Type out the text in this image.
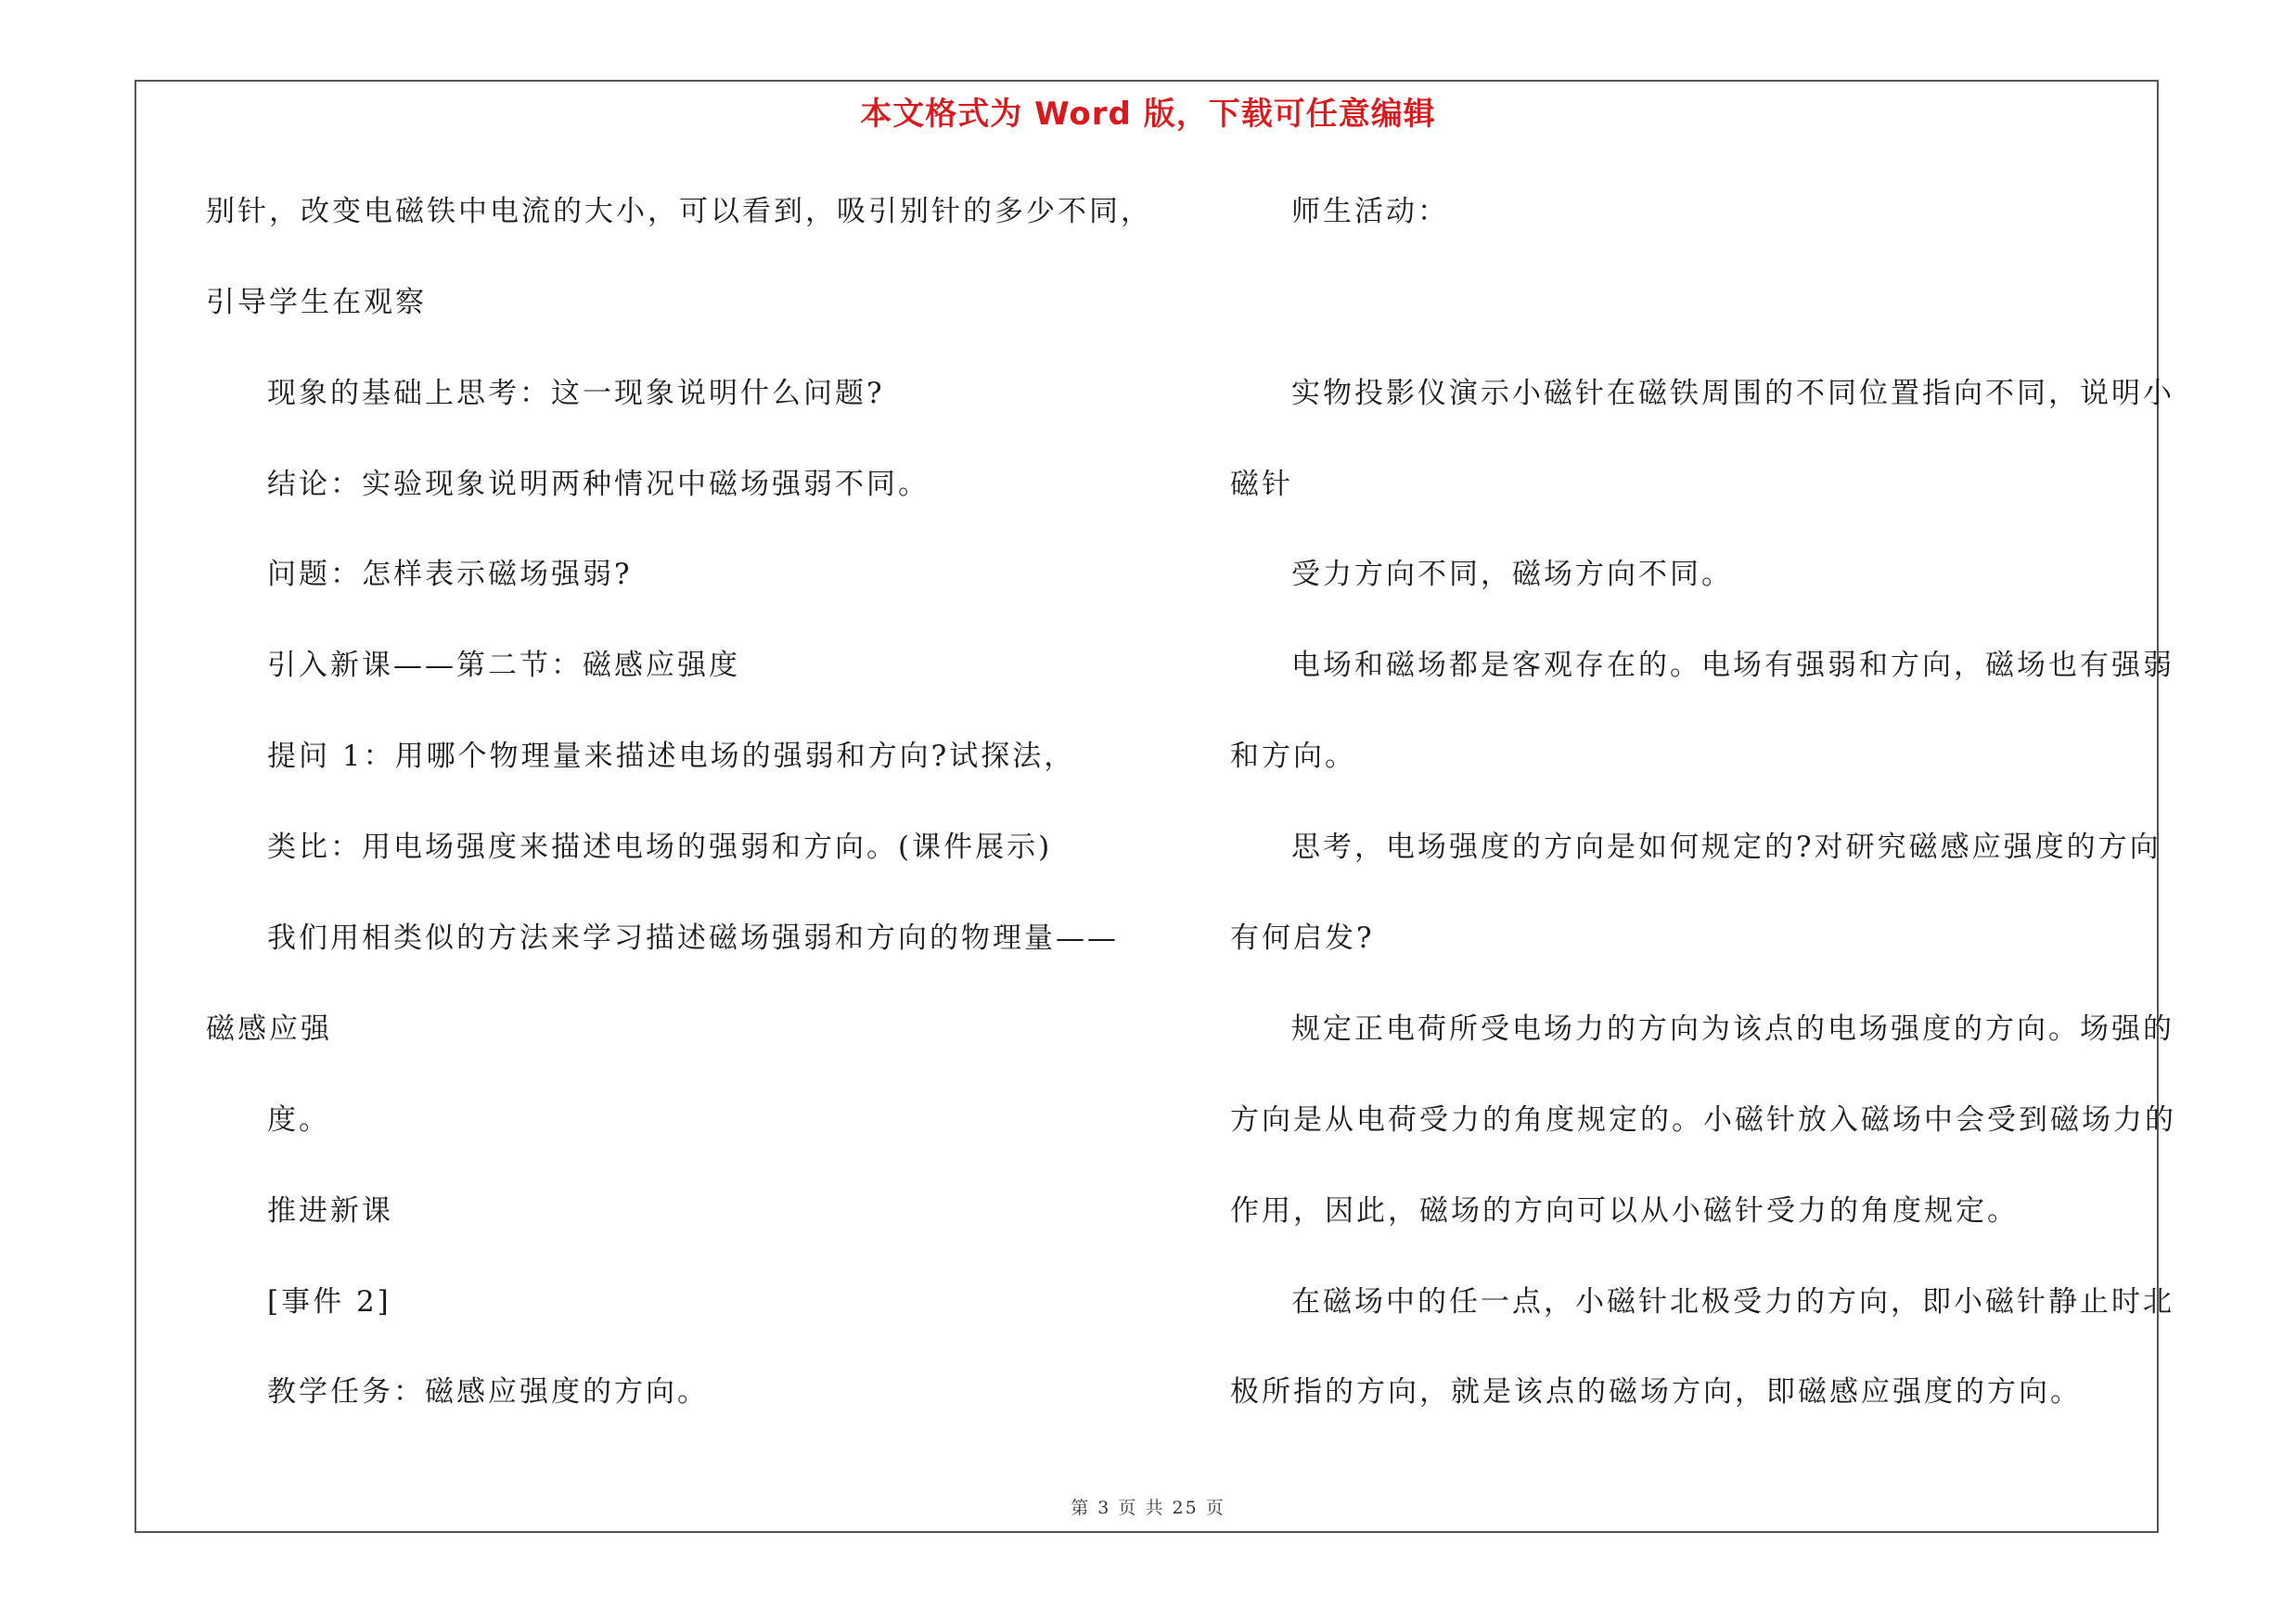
本文格式为 Word 版，下载可任意编辑
别针，改变电磁铁中电流的大小，可以看到，吸引别针的多少不同，
引导学生在观察
现象的基础上思考：这一现象说明什么问题?
结论：实验现象说明两种情况中磁场强弱不同。
问题：怎样表示磁场强弱?
引入新课——第二节：磁感应强度
提问 1：用哪个物理量来描述电场的强弱和方向?试探法，
类比：用电场强度来描述电场的强弱和方向。(课件展示)
我们用相类似的方法来学习描述磁场强弱和方向的物理量——
磁感应强
度。
推进新课
[事件 2]
教学任务：磁感应强度的方向。
师生活动：
实物投影仪演示小磁针在磁铁周围的不同位置指向不同，说明小
磁针
受力方向不同，磁场方向不同。
电场和磁场都是客观存在的。电场有强弱和方向，磁场也有强弱
和方向。
思考，电场强度的方向是如何规定的?对研究磁感应强度的方向
有何启发?
规定正电荷所受电场力的方向为该点的电场强度的方向。场强的
方向是从电荷受力的角度规定的。小磁针放入磁场中会受到磁场力的
作用，因此，磁场的方向可以从小磁针受力的角度规定。
在磁场中的任一点，小磁针北极受力的方向，即小磁针静止时北
极所指的方向，就是该点的磁场方向，即磁感应强度的方向。
第 3 页 共 25 页
